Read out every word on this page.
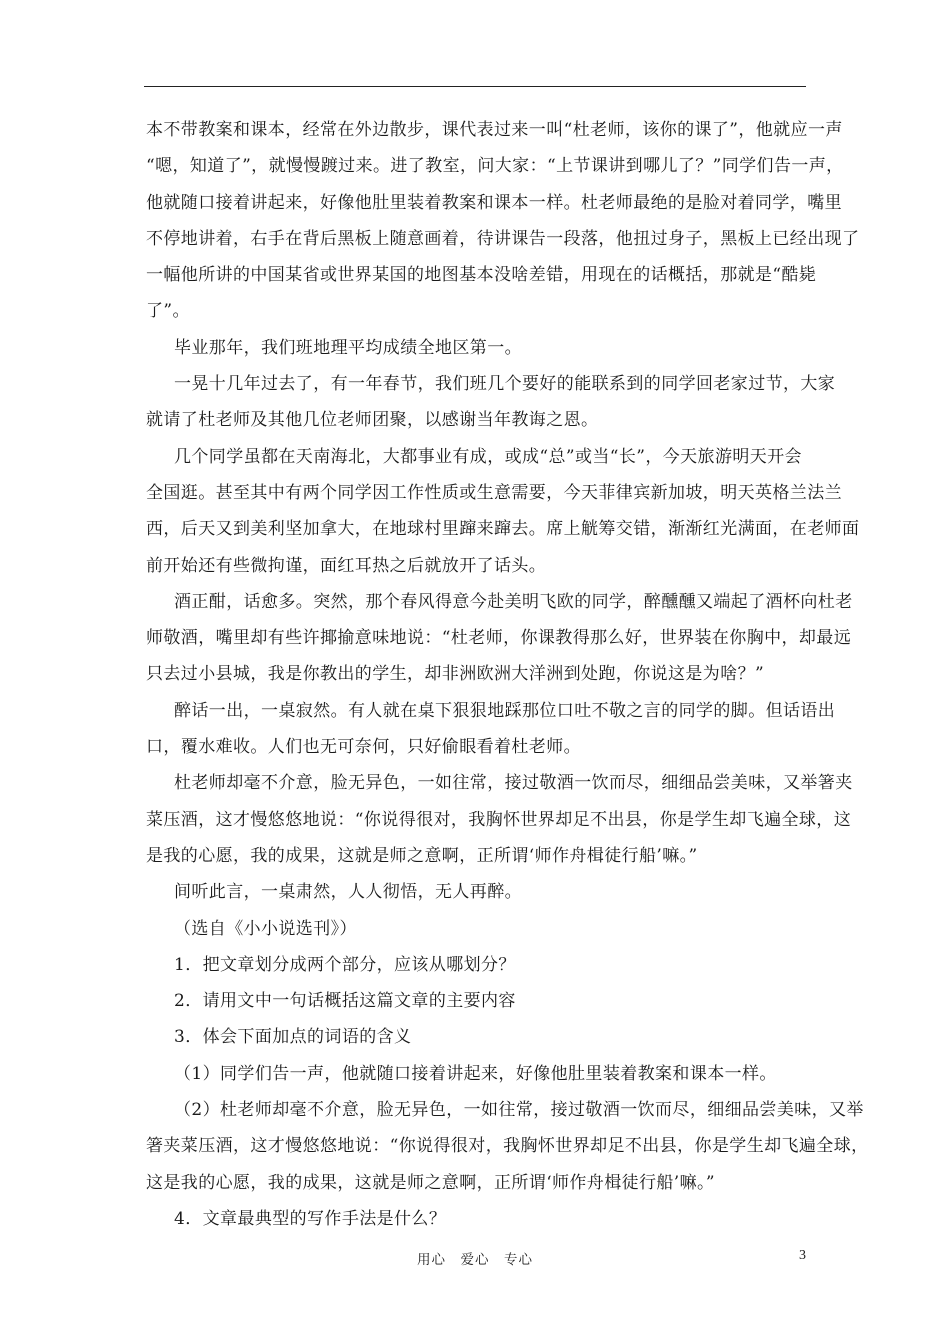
本不带教案和课本，经常在外边散步，课代表过来一叫“杜老师，该你的课了”，他就应一声
“嗯，知道了”，就慢慢踱过来。进了教室，问大家：“上节课讲到哪儿了？”同学们告一声，
他就随口接着讲起来，好像他肚里装着教案和课本一样。杜老师最绝的是脸对着同学，嘴里
不停地讲着，右手在背后黑板上随意画着，待讲课告一段落，他扭过身子，黑板上已经出现了
一幅他所讲的中国某省或世界某国的地图基本没啥差错，用现在的话概括，那就是“酷毙
了”。
毕业那年，我们班地理平均成绩全地区第一。
一晃十几年过去了，有一年春节，我们班几个要好的能联系到的同学回老家过节，大家
就请了杜老师及其他几位老师团聚，以感谢当年教诲之恩。
几个同学虽都在天南海北，大都事业有成，或成“总”或当“长”，今天旅游明天开会
全国逛。甚至其中有两个同学因工作性质或生意需要，今天菲律宾新加坡，明天英格兰法兰
西，后天又到美利坚加拿大，在地球村里蹿来蹿去。席上觥筹交错，渐渐红光满面，在老师面
前开始还有些微拘谨，面红耳热之后就放开了话头。
酒正酣，话愈多。突然，那个春风得意今赴美明飞欧的同学，醉醺醺又端起了酒杯向杜老
师敬酒，嘴里却有些许揶揄意味地说：“杜老师，你课教得那么好，世界装在你胸中，却最远
只去过小县城，我是你教出的学生，却非洲欧洲大洋洲到处跑，你说这是为啥？”
醉话一出，一桌寂然。有人就在桌下狠狠地踩那位口吐不敬之言的同学的脚。但话语出
口，覆水难收。人们也无可奈何，只好偷眼看着杜老师。
杜老师却毫不介意，脸无异色，一如往常，接过敬酒一饮而尽，细细品尝美味，又举箸夹
菜压酒，这才慢悠悠地说：“你说得很对，我胸怀世界却足不出县，你是学生却飞遍全球，这
是我的心愿，我的成果，这就是师之意啊，正所谓‘师作舟楫徒行船’嘛。”
间听此言，一桌肃然，人人彻悟，无人再醉。
（选自《小小说选刊》）
1．把文章划分成两个部分，应该从哪划分？
2．请用文中一句话概括这篇文章的主要内容
3．体会下面加点的词语的含义
（1）同学们告一声，他就随口接着讲起来，好像他肚里装着教案和课本一样。
（2）杜老师却毫不介意，脸无异色，一如往常，接过敬酒一饮而尽，细细品尝美味，又举
箸夹菜压酒，这才慢悠悠地说：“你说得很对，我胸怀世界却足不出县，你是学生却飞遍全球，
这是我的心愿，我的成果，这就是师之意啊，正所谓‘师作舟楫徒行船’嘛。”
4．文章最典型的写作手法是什么？
用心　爱心　专心	3
